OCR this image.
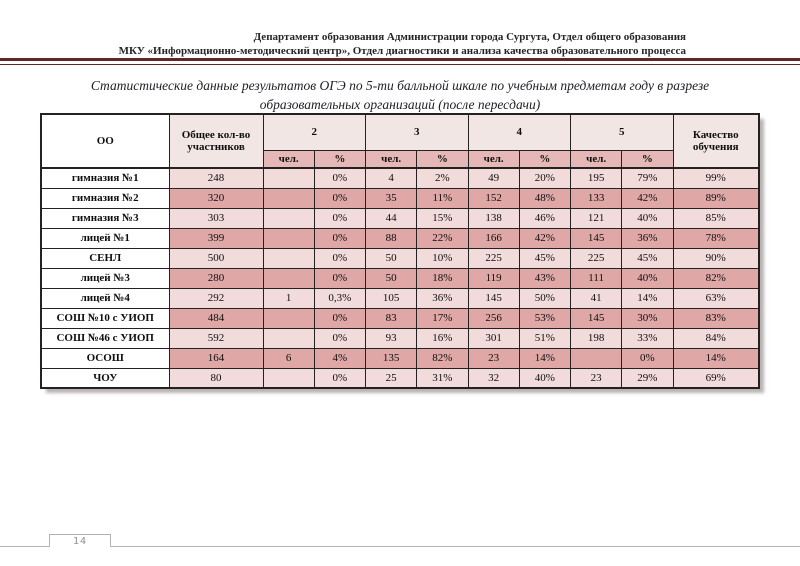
Департамент образования Администрации города Сургута, Отдел общего образования
МКУ «Информационно-методический центр», Отдел диагностики и анализа качества образовательного процесса
Статистические данные результатов ОГЭ по 5-ти балльной шкале по учебным предметам году в разрезе
образовательных организаций (после пересдачи)
ОО	Общее кол-во участников	2		3		4		5		Качество обучения
		чел.	%	чел.	%	чел.	%	чел.	%	
гимназия №1	248		0%	4	2%	49	20%	195	79%	99%
гимназия №2	320		0%	35	11%	152	48%	133	42%	89%
гимназия №3	303		0%	44	15%	138	46%	121	40%	85%
лицей №1	399		0%	88	22%	166	42%	145	36%	78%
СЕНЛ	500		0%	50	10%	225	45%	225	45%	90%
лицей №3	280		0%	50	18%	119	43%	111	40%	82%
лицей №4	292	1	0,3%	105	36%	145	50%	41	14%	63%
СОШ №10 с УИОП	484		0%	83	17%	256	53%	145	30%	83%
СОШ №46 с УИОП	592		0%	93	16%	301	51%	198	33%	84%
ОСОШ	164	6	4%	135	82%	23	14%		0%	14%
ЧОУ	80		0%	25	31%	32	40%	23	29%	69%
14
